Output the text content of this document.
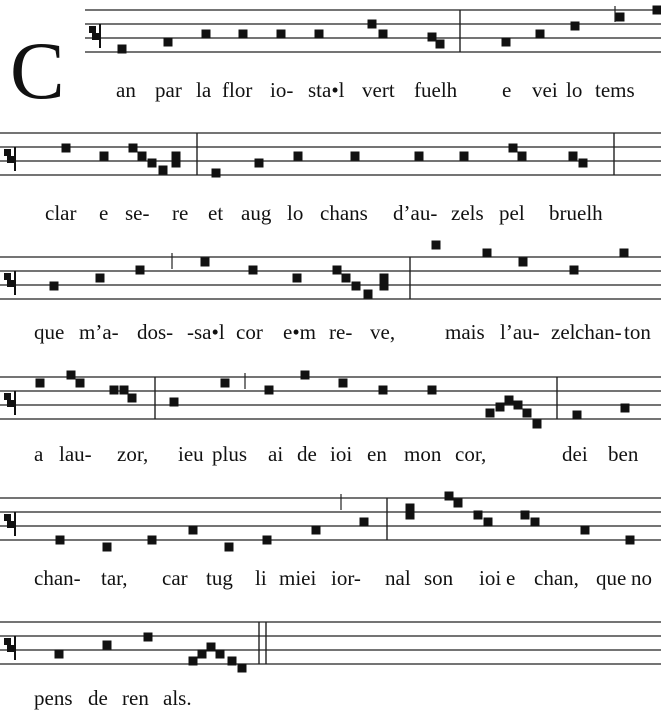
C an par la flor io- sta•l vert fuelh e vei lo tems
clar e se- re et aug lo chans d’au- zels pel bruelh
que m’a- dos- -sa•l cor e•m re- ve, mais l’au- zel chan- ton
a lau- zor, ieu plus ai de ioi en mon cor,	dei ben
chan- tar, car tug li miei ior- nal son ioi e chan, que no
pens de ren als.
